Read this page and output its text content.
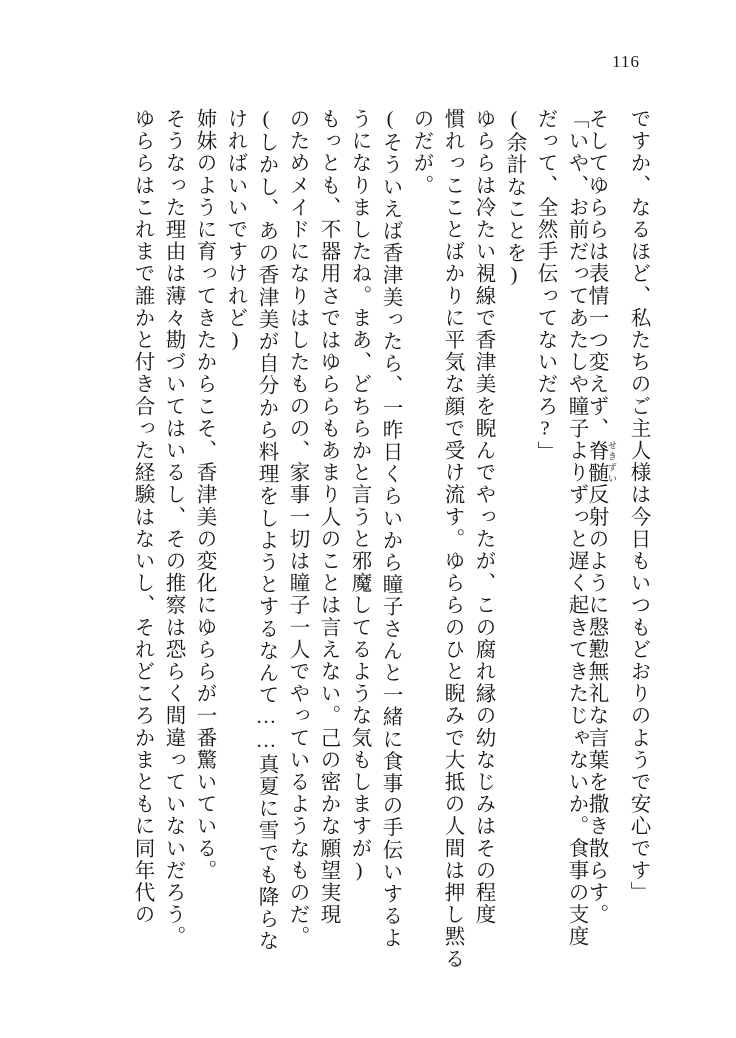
116
ですか、なるほど、私たちのご主人様は今日もいつもどおりのようで安心です」
そしてゆららは表情一つ変えず、脊髄 せきずい反射のように慇懃無礼な言葉を撒き散らす。
「いや、お前だってあたしや瞳子よりずっと遅く起きてきたじゃないか。食事の支度
だって、全然手伝ってないだろ?」
(余計なことを)
ゆららは冷たい視線で香津美を睨んでやったが、この腐れ縁の幼なじみはその程度
慣れっこことばかりに平気な顔で受け流す。ゆららのひと睨みで大抵の人間は押し黙る
のだが。
(そういえば香津美ったら、一昨日くらいから瞳子さんと一緒に食事の手伝いするよ
うになりましたね。まあ、どちらかと言うと邪魔してるような気もしますが)
もっとも、不器用さではゆららもあまり人のことは言えない。己の密かな願望実現
のためメイドになりはしたものの、家事一切は瞳子一人でやっているようなものだ。
(しかし、あの香津美が自分から料理をしようとするなんて……真夏に雪でも降らな
ければいいですけれど)
姉妹のように育ってきたからこそ、香津美の変化にゆららが一番驚いている。
そうなった理由は薄々勘づいてはいるし、その推察は恐らく間違っていないだろう。
ゆららはこれまで誰かと付き合った経験はないし、それどころかまともに同年代の
